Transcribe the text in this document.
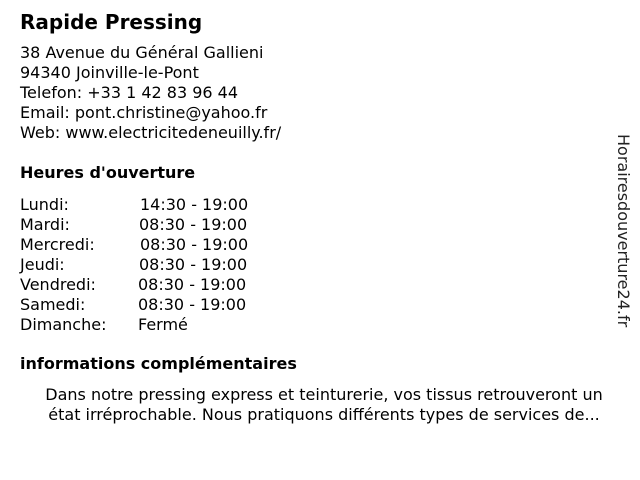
Rapide Pressing
38 Avenue du Général Gallieni
94340 Joinville-le-Pont
Telefon: +33 1 42 83 96 44
Email: pont.christine@yahoo.fr
Web: www.electricitedeneuilly.fr/
Heures d'ouverture
Lundi:	14:30 - 19:00
Mardi:	08:30 - 19:00
Mercredi:	08:30 - 19:00
Jeudi:	08:30 - 19:00
Vendredi:	08:30 - 19:00
Samedi:	08:30 - 19:00
Dimanche: Fermé
informations complémentaires
Dans notre pressing express et teinturerie, vos tissus retrouveront un
état irréprochable. Nous pratiquons différents types de services de...
Horairesdouverture24.fr
